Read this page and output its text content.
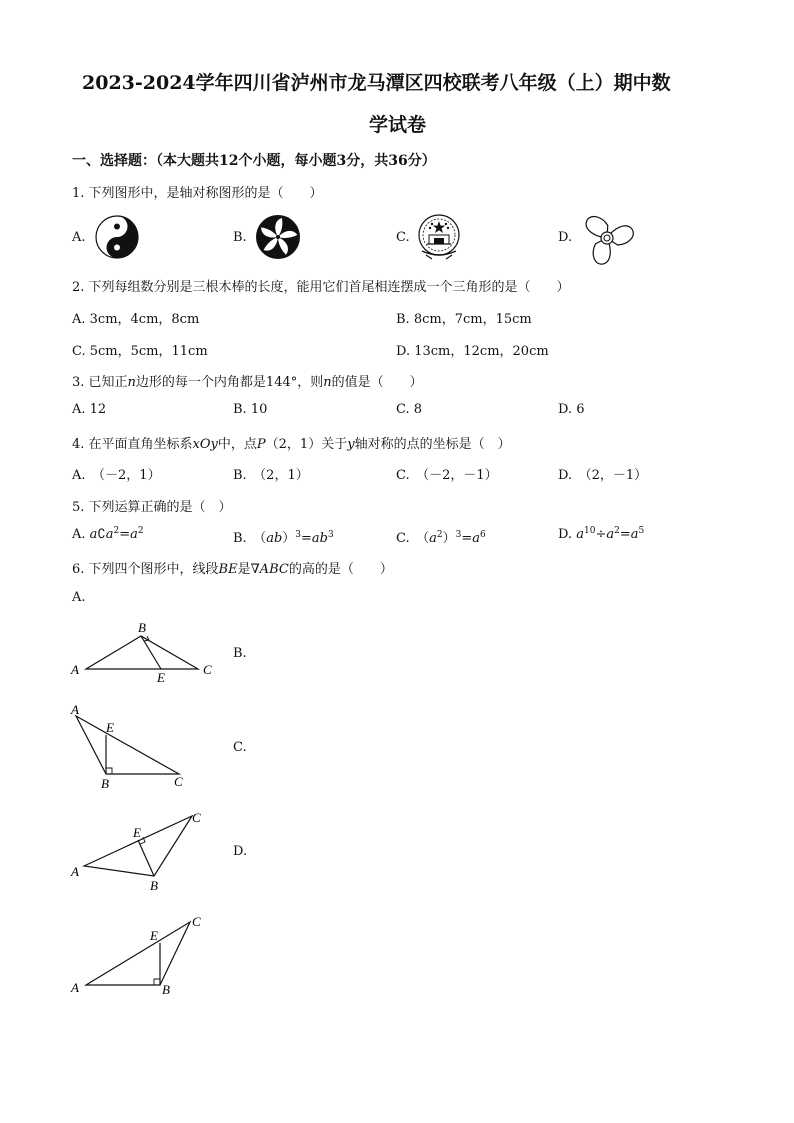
2023-2024学年四川省泸州市龙马潭区四校联考八年级（上）期中数
学试卷
一、选择题：（本大题共12个小题，每小题3分，共36分）
1. 下列图形中，是轴对称图形的是（　　）
A.	B.	C.	D.
2. 下列每组数分别是三根木棒的长度，能用它们首尾相连摆成一个三角形的是（　　）
A. 3cm，4cm，8cm	B. 8cm，7cm，15cm
C. 5cm，5cm，11cm	D. 13cm，12cm，20cm
3. 已知正n边形的每一个内角都是144°，则n的值是（　　）
A. 12	B. 10	C. 8	D. 6
4. 在平面直角坐标系xOy中，点P（2，1）关于y轴对称的点的坐标是（　）
A.　（－2，1）	B.　（2，1）	C.　（－2，－1）	D.　（2，－1）
5. 下列运算正确的是（　）
A. $a∁a^2=a^2$	B.　$(ab)^3=ab^3$	C.　$(a^2)^3=a^6$	D. $a^{10}\div a^2=a^5$
6. 下列四个图形中，线段BE是∇ABC的高的是（　　）
A.
B.
C.
D.
A
B
C
E
A
B	C
E
A
B
C
E
A	B
C
E
